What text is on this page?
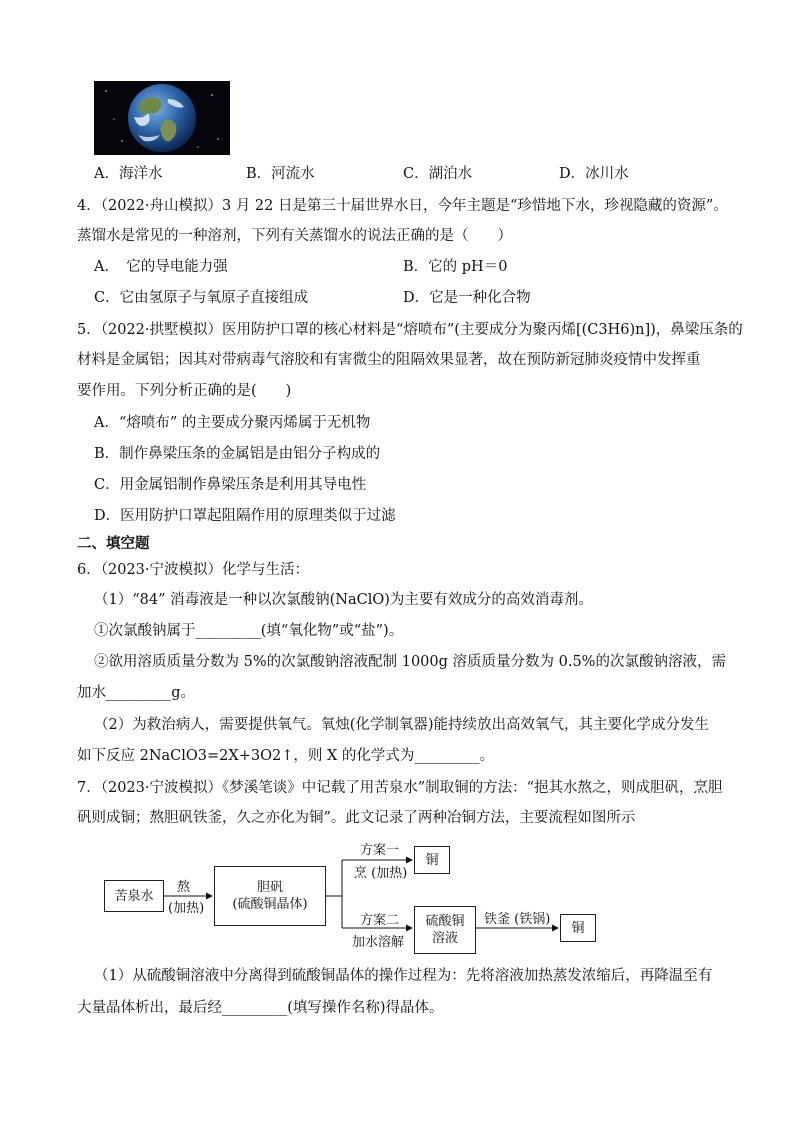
A．海洋水	B．河流水	C．湖泊水	D．冰川水
4．（2022·舟山模拟）3 月 22 日是第三十届世界水日，今年主题是“珍惜地下水，珍视隐藏的资源”。
蒸馏水是常见的一种溶剂，下列有关蒸馏水的说法正确的是（　　）
A．　它的导电能力强	B．它的 pH＝0
C．它由氢原子与氧原子直接组成	D．它是一种化合物
5．（2022·拱墅模拟）医用防护口罩的核心材料是“熔喷布”(主要成分为聚丙烯[(C3H6)n])，鼻梁压条的
材料是金属铝；因其对带病毒气溶胶和有害微尘的阻隔效果显著，故在预防新冠肺炎疫情中发挥重
要作用。下列分析正确的是(　　)
A．“熔喷布” 的主要成分聚丙烯属于无机物
B．制作鼻梁压条的金属铝是由铝分子构成的
C．用金属铝制作鼻梁压条是利用其导电性
D．医用防护口罩起阻隔作用的原理类似于过滤
二、填空题
6．（2023·宁波模拟）化学与生活：
（1）“84” 消毒液是一种以次氯酸钠(NaClO)为主要有效成分的高效消毒剂。
①次氯酸钠属于_________(填“氧化物”或“盐”)。
②欲用溶质质量分数为 5%的次氯酸钠溶液配制 1000g 溶质质量分数为 0.5%的次氯酸钠溶液，需
加水_________g。
（2）为救治病人，需要提供氧气。氧烛(化学制氧器)能持续放出高效氧气，其主要化学成分发生
如下反应 2NaClO3=2X+3O2↑，则 X 的化学式为_________。
7．（2023·宁波模拟）《梦溪笔谈》中记载了用苦泉水”制取铜的方法：“挹其水熬之，则成胆矾，烹胆
矾则成铜；熬胆矾铁釜，久之亦化为铜”。此文记录了两种冶铜方法，主要流程如图所示
苦泉水
熬
(加热)
胆矾
(硫酸铜晶体)
方案一
烹 (加热)
铜
方案二
加水溶解
硫酸铜
溶液
铁釜 (铁锅)
铜
（1）从硫酸铜溶液中分离得到硫酸铜晶体的操作过程为：先将溶液加热蒸发浓缩后，再降温至有
大量晶体析出，最后经_________(填写操作名称)得晶体。
